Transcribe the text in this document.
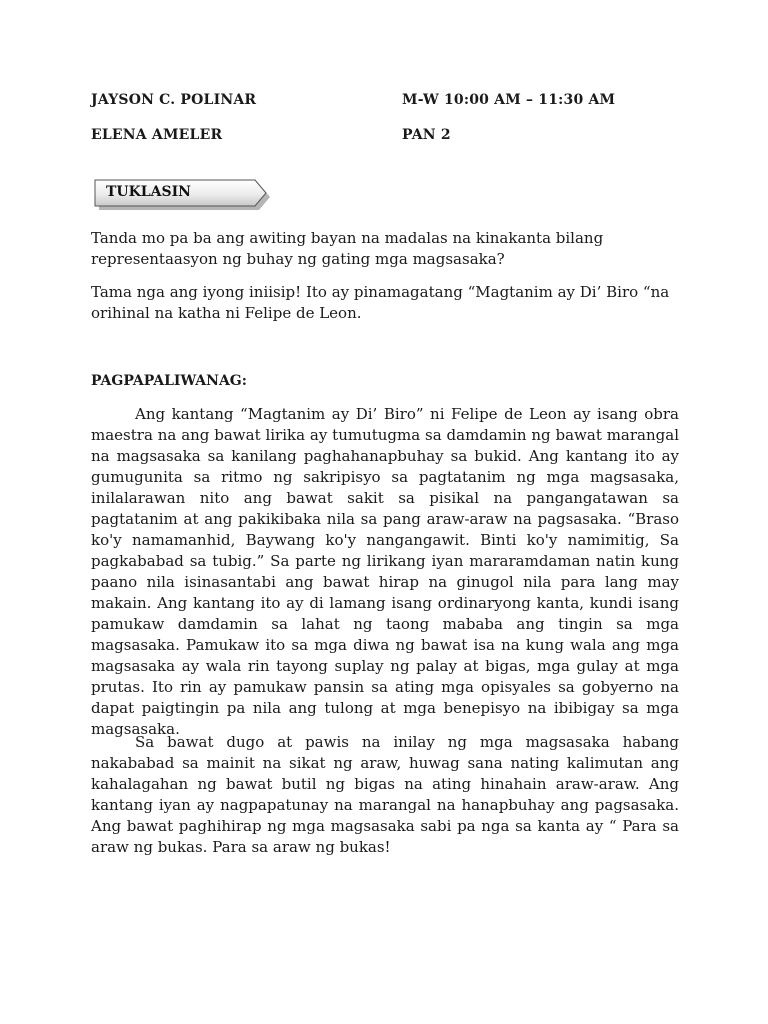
JAYSON C. POLINAR	M-W 10:00 AM – 11:30 AM
ELENA AMELER	PAN 2
TUKLASIN
Tanda mo pa ba ang awiting bayan na madalas na kinakanta bilang representaasyon ng buhay ng gating mga magsasaka?
Tama nga ang iyong iniisip! Ito ay pinamagatang “Magtanim ay Di’ Biro “na orihinal na katha ni Felipe de Leon.
PAGPAPALIWANAG:
Ang kantang “Magtanim ay Di’ Biro” ni Felipe de Leon ay isang obra maestra na ang bawat lirika ay tumutugma sa damdamin ng bawat marangal na magsasaka sa kanilang paghahanapbuhay sa bukid. Ang kantang ito ay gumugunita sa ritmo ng sakripisyo sa pagtatanim ng mga magsasaka, inilalarawan nito ang bawat sakit sa pisikal na pangangatawan sa pagtatanim at ang pakikibaka nila sa pang araw-araw na pagsasaka. “Braso ko'y namamanhid, Baywang ko'y nangangawit. Binti ko'y namimitig, Sa pagkababad sa tubig.” Sa parte ng lirikang iyan mararamdaman natin kung paano nila isinasantabi ang bawat hirap na ginugol nila para lang may makain. Ang kantang ito ay di lamang isang ordinaryong kanta, kundi isang pamukaw damdamin sa lahat ng taong mababa ang tingin sa mga magsasaka. Pamukaw ito sa mga diwa ng bawat isa na kung wala ang mga magsasaka ay wala rin tayong suplay ng palay at bigas, mga gulay at mga prutas. Ito rin ay pamukaw pansin sa ating mga opisyales sa gobyerno na dapat paigtingin pa nila ang tulong at mga benepisyo na ibibigay sa mga magsasaka.
Sa bawat dugo at pawis na inilay ng mga magsasaka habang nakababad sa mainit na sikat ng araw, huwag sana nating kalimutan ang kahalagahan ng bawat butil ng bigas na ating hinahain araw-araw. Ang kantang iyan ay nagpapatunay na marangal na hanapbuhay ang pagsasaka. Ang bawat paghihirap ng mga magsasaka sabi pa nga sa kanta ay “ Para sa araw ng bukas. Para sa araw ng bukas!
